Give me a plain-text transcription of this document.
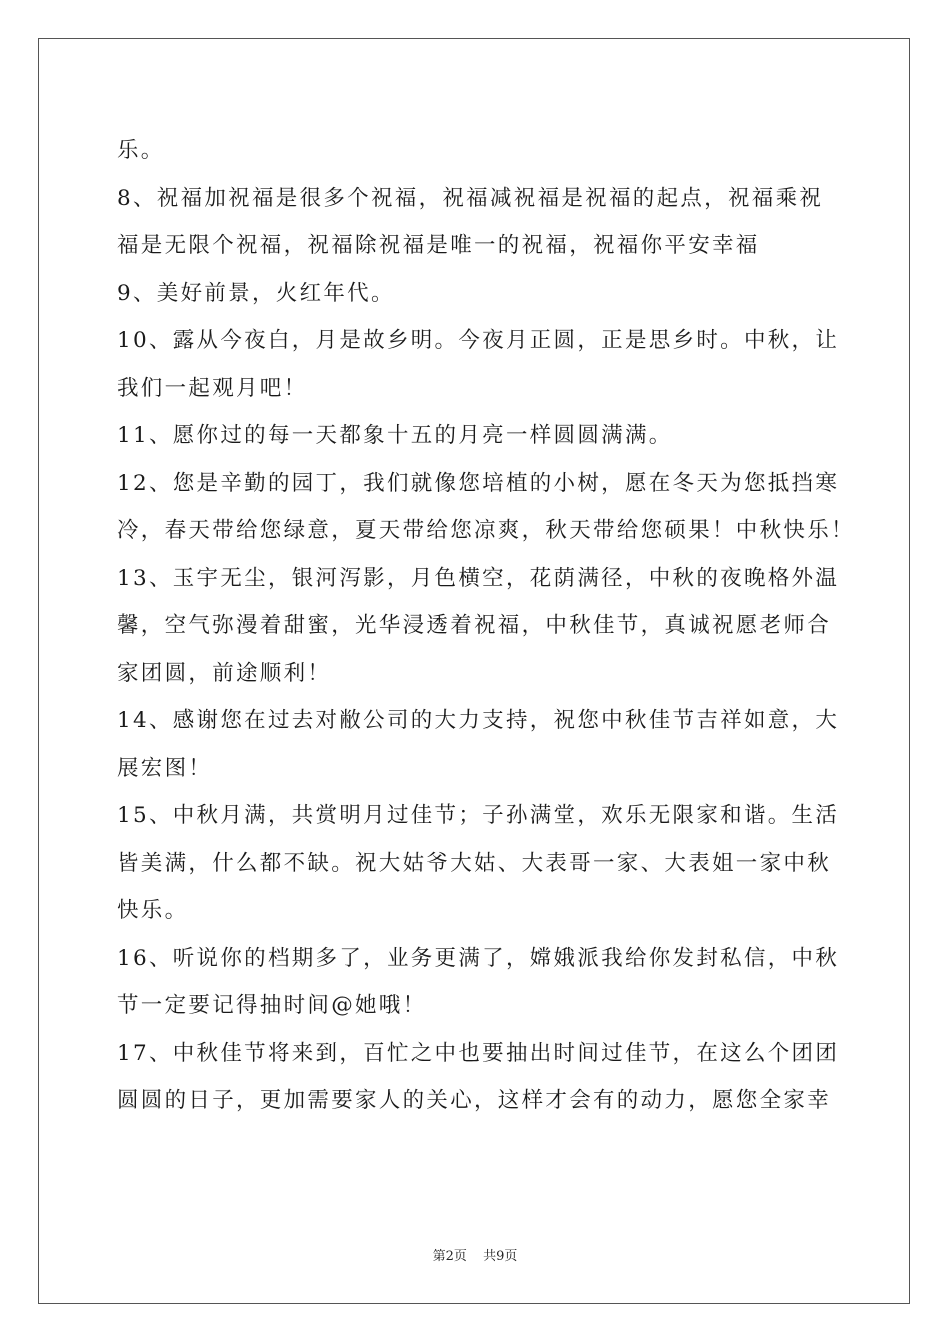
乐。
8、祝福加祝福是很多个祝福，祝福减祝福是祝福的起点，祝福乘祝
福是无限个祝福，祝福除祝福是唯一的祝福，祝福你平安幸福
9、美好前景，火红年代。
10、露从今夜白，月是故乡明。今夜月正圆，正是思乡时。中秋，让
我们一起观月吧！
11、愿你过的每一天都象十五的月亮一样圆圆满满。
12、您是辛勤的园丁，我们就像您培植的小树，愿在冬天为您抵挡寒
冷，春天带给您绿意，夏天带给您凉爽，秋天带给您硕果！中秋快乐！
13、玉宇无尘，银河泻影，月色横空，花荫满径，中秋的夜晚格外温
馨，空气弥漫着甜蜜，光华浸透着祝福，中秋佳节，真诚祝愿老师合
家团圆，前途顺利！
14、感谢您在过去对敝公司的大力支持，祝您中秋佳节吉祥如意，大
展宏图！
15、中秋月满，共赏明月过佳节；子孙满堂，欢乐无限家和谐。生活
皆美满，什么都不缺。祝大姑爷大姑、大表哥一家、大表姐一家中秋
快乐。
16、听说你的档期多了，业务更满了，嫦娥派我给你发封私信，中秋
节一定要记得抽时间@她哦！
17、中秋佳节将来到，百忙之中也要抽出时间过佳节，在这么个团团
圆圆的日子，更加需要家人的关心，这样才会有的动力，愿您全家幸
第2页 共9页
